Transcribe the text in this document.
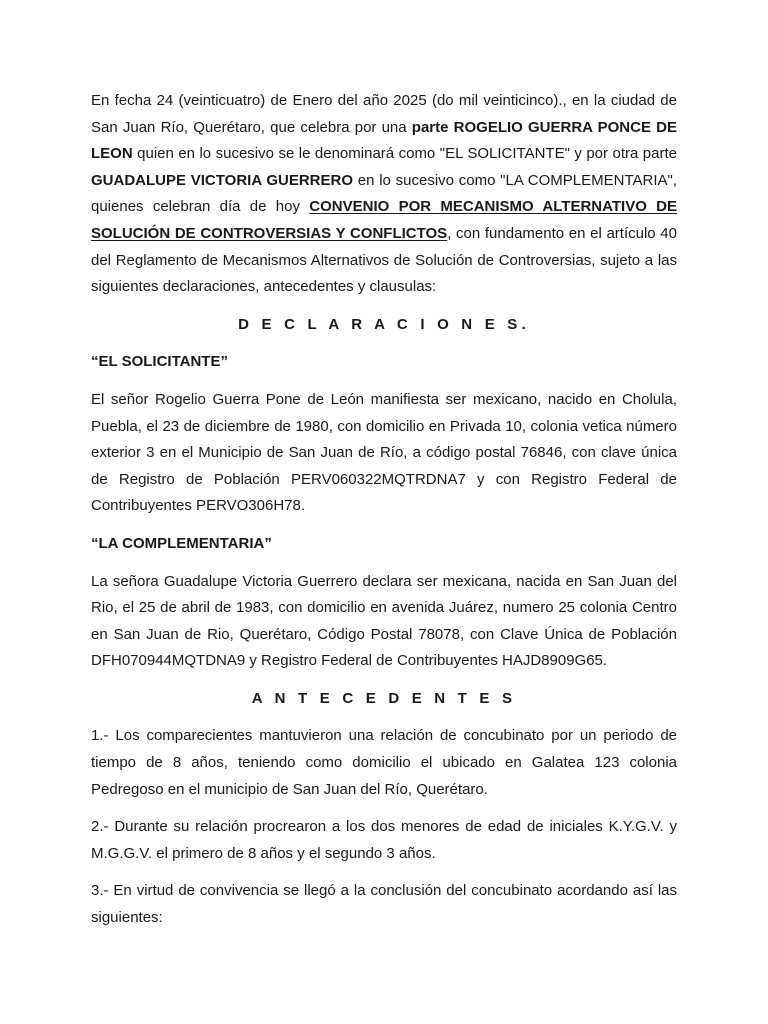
En fecha 24 (veinticuatro) de Enero del año 2025 (do mil veinticinco)., en la ciudad de San Juan Río, Querétaro, que celebra por una parte ROGELIO GUERRA PONCE DE LEON quien en lo sucesivo se le denominará como "EL SOLICITANTE" y por otra parte GUADALUPE VICTORIA GUERRERO en lo sucesivo como "LA COMPLEMENTARIA", quienes celebran día de hoy CONVENIO POR MECANISMO ALTERNATIVO DE SOLUCIÓN DE CONTROVERSIAS Y CONFLICTOS, con fundamento en el artículo 40 del Reglamento de Mecanismos Alternativos de Solución de Controversias, sujeto a las siguientes declaraciones, antecedentes y clausulas:

D E C L A R A C I O N E S.
“EL SOLICITANTE”

El señor Rogelio Guerra Pone de León manifiesta ser mexicano, nacido en Cholula, Puebla, el 23 de diciembre de 1980, con domicilio en Privada 10, colonia vetica número exterior 3 en el Municipio de San Juan de Río, a código postal 76846, con clave única de Registro de Población PERV060322MQTRDNA7 y con Registro Federal de Contribuyentes PERVO306H78.

“LA COMPLEMENTARIA”

La señora Guadalupe Victoria Guerrero declara ser mexicana, nacida en San Juan del Rio, el 25 de abril de 1983, con domicilio en avenida Juárez, numero 25 colonia Centro en San Juan de Rio, Querétaro, Código Postal 78078, con Clave Única de Población DFH070944MQTDNA9 y Registro Federal de Contribuyentes HAJD8909G65.

A N T E C E D E N T E S

1.- Los comparecientes mantuvieron una relación de concubinato por un periodo de tiempo de 8 años, teniendo como domicilio el ubicado en Galatea 123 colonia Pedregoso en el municipio de San Juan del Río, Querétaro.

2.- Durante su relación procrearon a los dos menores de edad de iniciales K.Y.G.V. y M.G.G.V. el primero de 8 años y el segundo 3 años.

3.- En virtud de convivencia se llegó a la conclusión del concubinato acordando así las siguientes:
